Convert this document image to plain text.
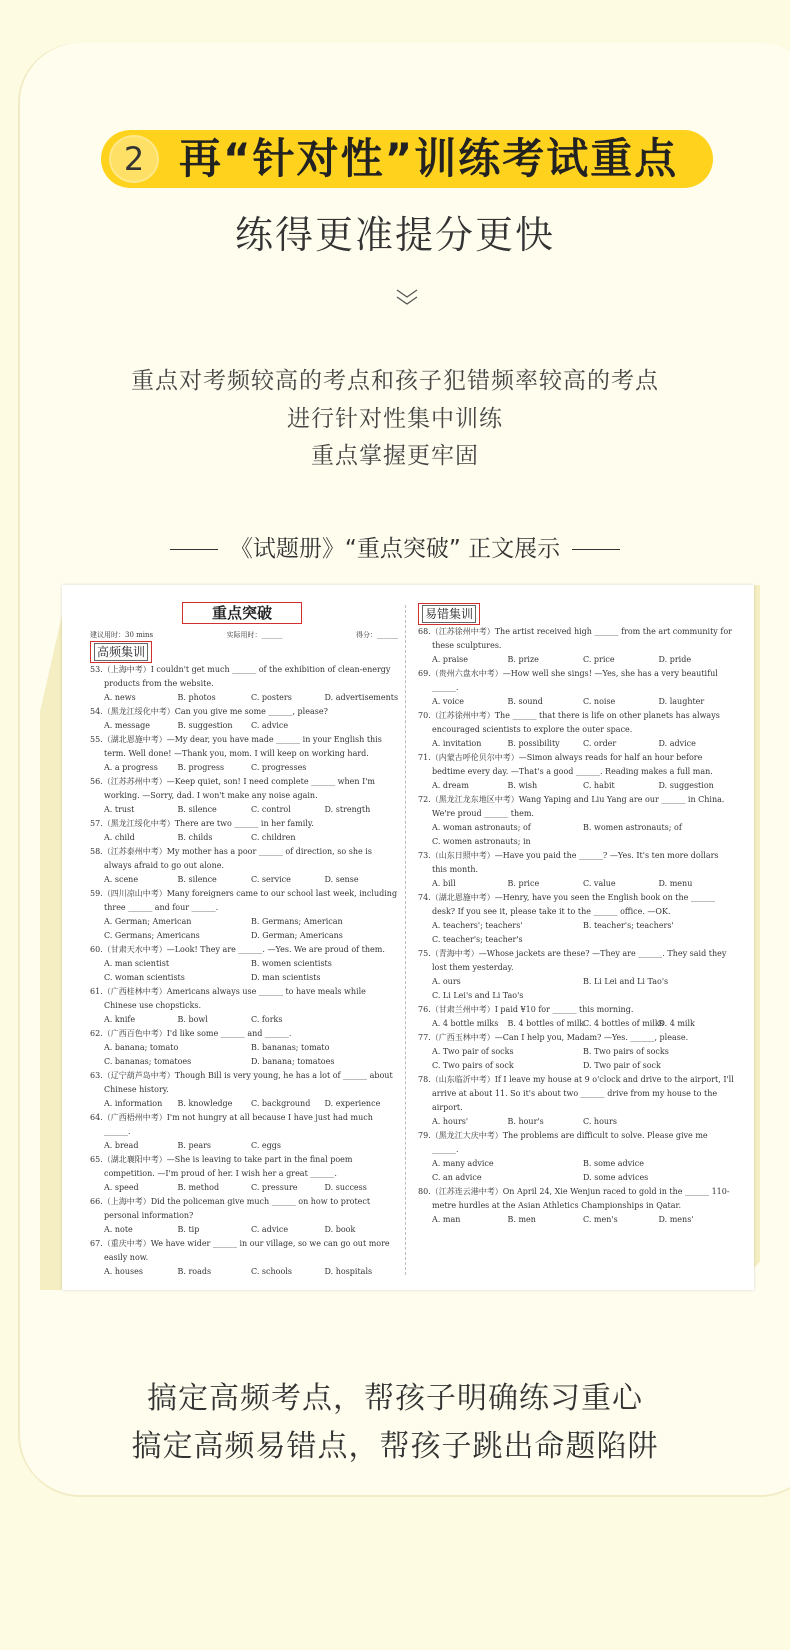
2 再“针对性”训练考试重点
练得更准提分更快
重点对考频较高的考点和孩子犯错频率较高的考点
进行针对性集中训练
重点掌握更牢固
《试题册》“重点突破” 正文展示
重点突破
建议用时：30 mins	实际用时：______	得分：______
高频集训
53.（上海中考）I couldn't get much ______ of the exhibition of clean-energy products from the website.
A. news	B. photos	C. posters	D. advertisements
54.（黑龙江绥化中考）Can you give me some ______, please?
A. message	B. suggestion	C. advice
55.（湖北恩施中考）—My dear, you have made ______ in your English this term. Well done! —Thank you, mom. I will keep on working hard.
A. a progress	B. progress	C. progresses
56.（江苏苏州中考）—Keep quiet, son! I need complete ______ when I'm working. —Sorry, dad. I won't make any noise again.
A. trust	B. silence	C. control	D. strength
57.（黑龙江绥化中考）There are two ______ in her family.
A. child	B. childs	C. children
58.（江苏泰州中考）My mother has a poor ______ of direction, so she is always afraid to go out alone.
A. scene	B. silence	C. service	D. sense
59.（四川凉山中考）Many foreigners came to our school last week, including three ______ and four ______.
A. German; American	B. Germans; American
C. Germans; Americans	D. German; Americans
60.（甘肃天水中考）—Look! They are ______. —Yes. We are proud of them.
A. man scientist	B. women scientists
C. woman scientists	D. man scientists
61.（广西桂林中考）Americans always use ______ to have meals while Chinese use chopsticks.
A. knife	B. bowl	C. forks
62.（广西百色中考）I'd like some ______ and ______.
A. banana; tomato	B. bananas; tomato
C. bananas; tomatoes	D. banana; tomatoes
63.（辽宁葫芦岛中考）Though Bill is very young, he has a lot of ______ about Chinese history.
A. information	B. knowledge	C. background	D. experience
64.（广西梧州中考）I'm not hungry at all because I have just had much ______.
A. bread	B. pears	C. eggs
65.（湖北襄阳中考）—She is leaving to take part in the final poem competition. —I'm proud of her. I wish her a great ______.
A. speed	B. method	C. pressure	D. success
66.（上海中考）Did the policeman give much ______ on how to protect personal information?
A. note	B. tip	C. advice	D. book
67.（重庆中考）We have wider ______ in our village, so we can go out more easily now.
A. houses	B. roads	C. schools	D. hospitals
易错集训
68.（江苏徐州中考）The artist received high ______ from the art community for these sculptures.
A. praise	B. prize	C. price	D. pride
69.（贵州六盘水中考）—How well she sings! —Yes, she has a very beautiful ______.
A. voice	B. sound	C. noise	D. laughter
70.（江苏徐州中考）The ______ that there is life on other planets has always encouraged scientists to explore the outer space.
A. invitation	B. possibility	C. order	D. advice
71.（内蒙古呼伦贝尔中考）—Simon always reads for half an hour before bedtime every day. —That's a good ______. Reading makes a full man.
A. dream	B. wish	C. habit	D. suggestion
72.（黑龙江龙东地区中考）Wang Yaping and Liu Yang are our ______ in China. We're proud ______ them.
A. woman astronauts; of	B. women astronauts; of
C. women astronauts; in
73.（山东日照中考）—Have you paid the ______? —Yes. It's ten more dollars this month.
A. bill	B. price	C. value	D. menu
74.（湖北恩施中考）—Henry, have you seen the English book on the ______ desk? If you see it, please take it to the ______ office. —OK.
A. teachers'; teachers'	B. teacher's; teachers'
C. teacher's; teacher's
75.（青海中考）—Whose jackets are these? —They are ______. They said they lost them yesterday.
A. ours	B. Li Lei and Li Tao's
C. Li Lei's and Li Tao's
76.（甘肃兰州中考）I paid ¥10 for ______ this morning.
A. 4 bottle milks	B. 4 bottles of milk
C. 4 bottles of milks
D. 4 milk
77.（广西玉林中考）—Can I help you, Madam? —Yes. ______, please.
A. Two pair of socks	B. Two pairs of socks
C. Two pairs of sock	D. Two pair of sock
78.（山东临沂中考）If I leave my house at 9 o'clock and drive to the airport, I'll arrive at about 11. So it's about two ______ drive from my house to the airport.
A. hours'	B. hour's	C. hours
79.（黑龙江大庆中考）The problems are difficult to solve. Please give me ______.
A. many advice	B. some advice
C. an advice	D. some advices
80.（江苏连云港中考）On April 24, Xie Wenjun raced to gold in the ______ 110-metre hurdles at the Asian Athletics Championships in Qatar.
A. man	B. men	C. men's	D. mens'
搞定高频考点，帮孩子明确练习重心
搞定高频易错点，帮孩子跳出命题陷阱
